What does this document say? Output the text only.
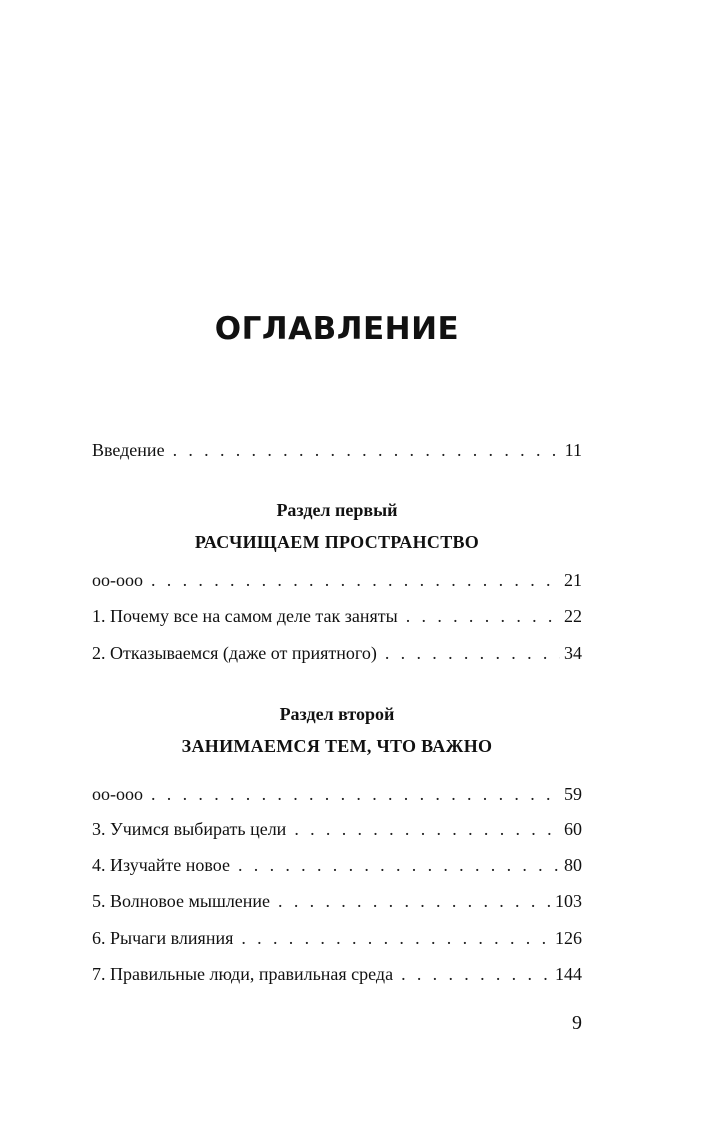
ОГЛАВЛЕНИЕ
Введение . . .	11
Раздел первый
РАСЧИЩАЕМ ПРОСТРАНСТВО
oo-ooo . . .	21
1. Почему все на самом деле так заняты . . .	22
2. Отказываемся (даже от приятного) . . .	34
Раздел второй
ЗАНИМАЕМСЯ ТЕМ, ЧТО ВАЖНО
oo-ooo . . .	59
3. Учимся выбирать цели . . .	60
4. Изучайте новое . . .	80
5. Волновое мышление . . .	103
6. Рычаги влияния . . .	126
7. Правильные люди, правильная среда . . .	144
9
